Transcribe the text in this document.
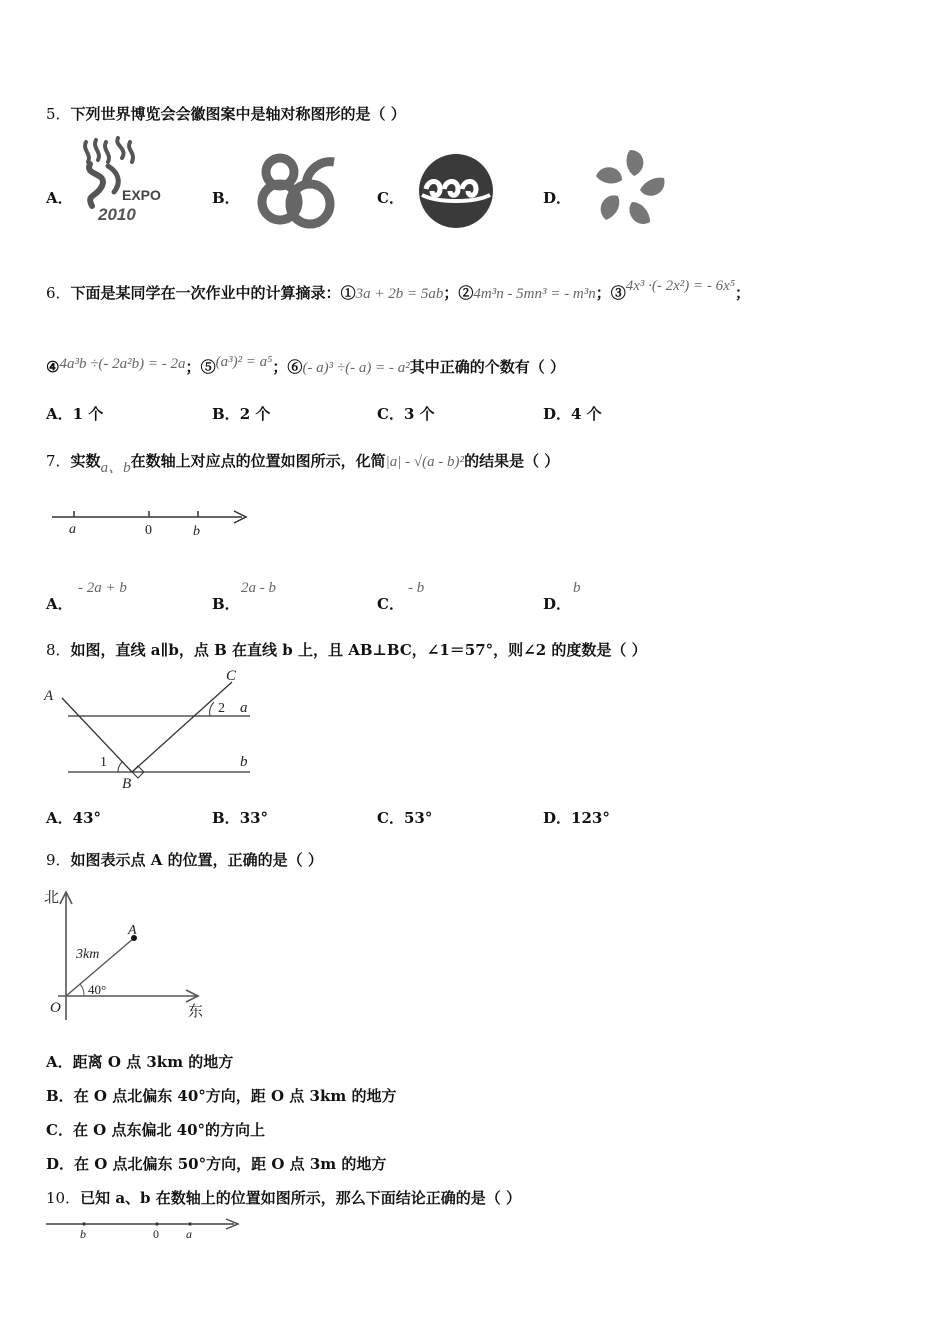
5．下列世界博览会会徽图案中是轴对称图形的是（ ）
A．	EXPO
2010
B．	C．	D．
6．下面是某同学在一次作业中的计算摘录：①3a + 2b = 5ab；②4m³n - 5mn³ = - m³n；③4x³ ·(- 2x²) = - 6x⁵；
④4a³b ÷(- 2a²b) = - 2a；⑤(a³)² = a⁵；⑥(- a)³ ÷(- a) = - a²其中正确的个数有（ ）
A．1 个	B．2 个	C．3 个	D．4 个
7．实数a、b在数轴上对应点的位置如图所示，化简|a| - √(a - b)²的结果是（ ）
a	0	b
A．
- 2a + b
B．
2a - b
C．
- b
D．
b
8．如图，直线 a∥b，点 B 在直线 b 上，且 AB⊥BC，∠1＝57°，则∠2 的度数是（ ）
A
C
B
a
b
1
2
A．43°	B．33°	C．53°	D．123°
9．如图表示点 A 的位置，正确的是（ ）
北
东
O
A
3km
40°
A．距离 O 点 3km 的地方
B．在 O 点北偏东 40°方向，距 O 点 3km 的地方
C．在 O 点东偏北 40°的方向上
D．在 O 点北偏东 50°方向，距 O 点 3m 的地方
10．已知 a、b 在数轴上的位置如图所示，那么下面结论正确的是（ ）
b	0 a
